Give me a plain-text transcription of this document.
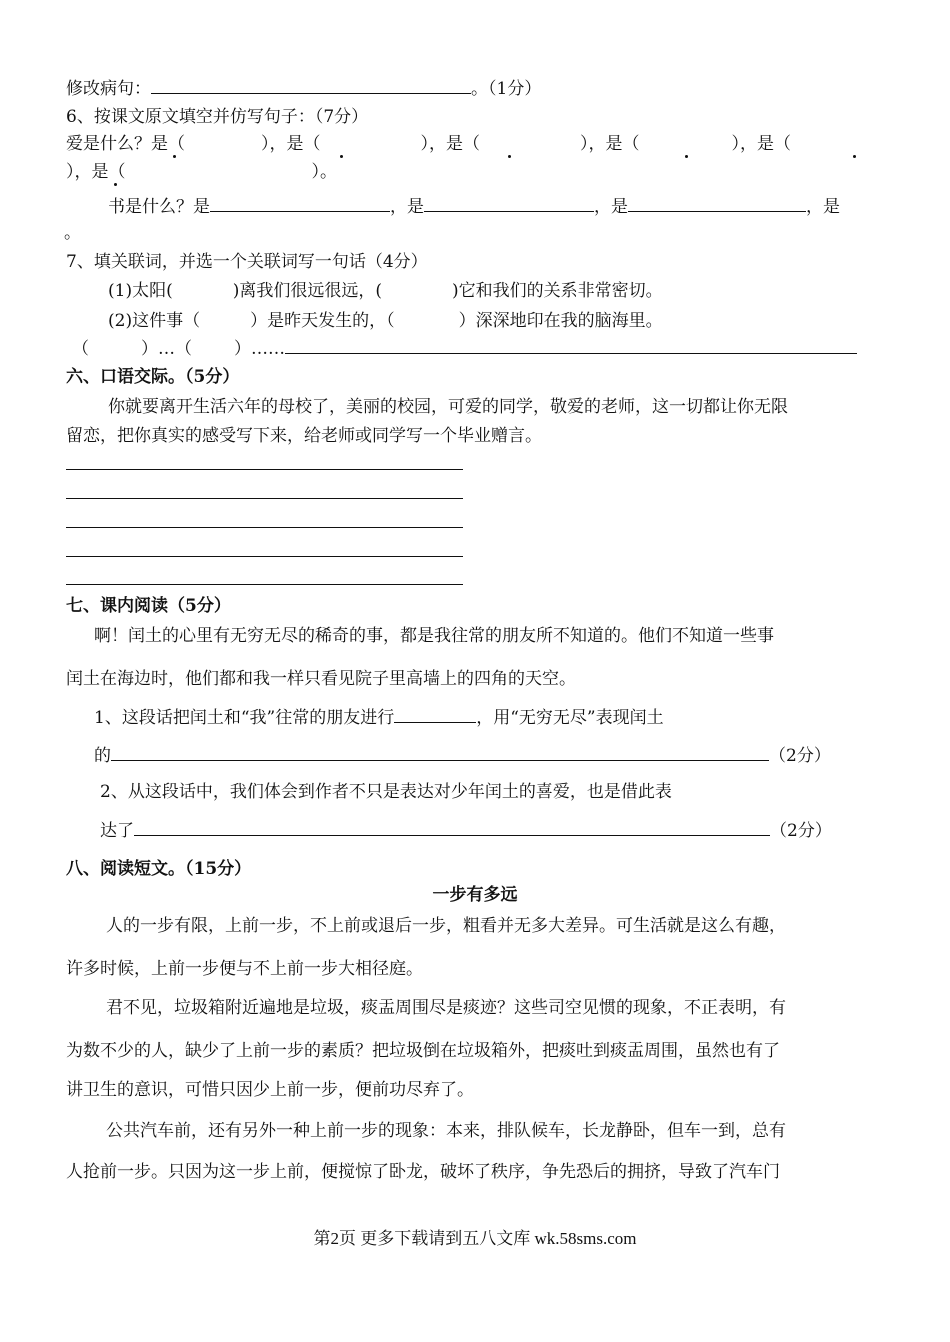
修改病句：	。（1分）
6、按课文原文填空并仿写句子：（7分）
爱是什么？是（	），是（	），是（	），是（	），是（
），是（	）。
书是什么？是	，是	，是	，是
。
7、填关联词，并选一个关联词写一句话（4分）
(1)太阳(	)离我们很远很远，(	)它和我们的关系非常密切。
(2)这件事（	）是昨天发生的，（	）深深地印在我的脑海里。
（	）…（ ）……
六、口语交际。（5分）
你就要离开生活六年的母校了，美丽的校园，可爱的同学，敬爱的老师，这一切都让你无限
留恋，把你真实的感受写下来，给老师或同学写一个毕业赠言。
七、课内阅读（5分）
啊！闰土的心里有无穷无尽的稀奇的事，都是我往常的朋友所不知道的。他们不知道一些事
闰土在海边时，他们都和我一样只看见院子里高墙上的四角的天空。
1、这段话把闰土和“我”往常的朋友进行	，用“无穷无尽”表现闰土
的	（2分）
2、从这段话中，我们体会到作者不只是表达对少年闰土的喜爱，也是借此表
达了	（2分）
八、阅读短文。（15分）
一步有多远
人的一步有限，上前一步，不上前或退后一步，粗看并无多大差异。可生活就是这么有趣，
许多时候，上前一步便与不上前一步大相径庭。
君不见，垃圾箱附近遍地是垃圾，痰盂周围尽是痰迹？这些司空见惯的现象，不正表明，有
为数不少的人，缺少了上前一步的素质？把垃圾倒在垃圾箱外，把痰吐到痰盂周围，虽然也有了
讲卫生的意识，可惜只因少上前一步，便前功尽弃了。
公共汽车前，还有另外一种上前一步的现象：本来，排队候车，长龙静卧，但车一到，总有
人抢前一步。只因为这一步上前，便搅惊了卧龙，破坏了秩序，争先恐后的拥挤，导致了汽车门
第2页 更多下载请到五八文库 wk.58sms.com
